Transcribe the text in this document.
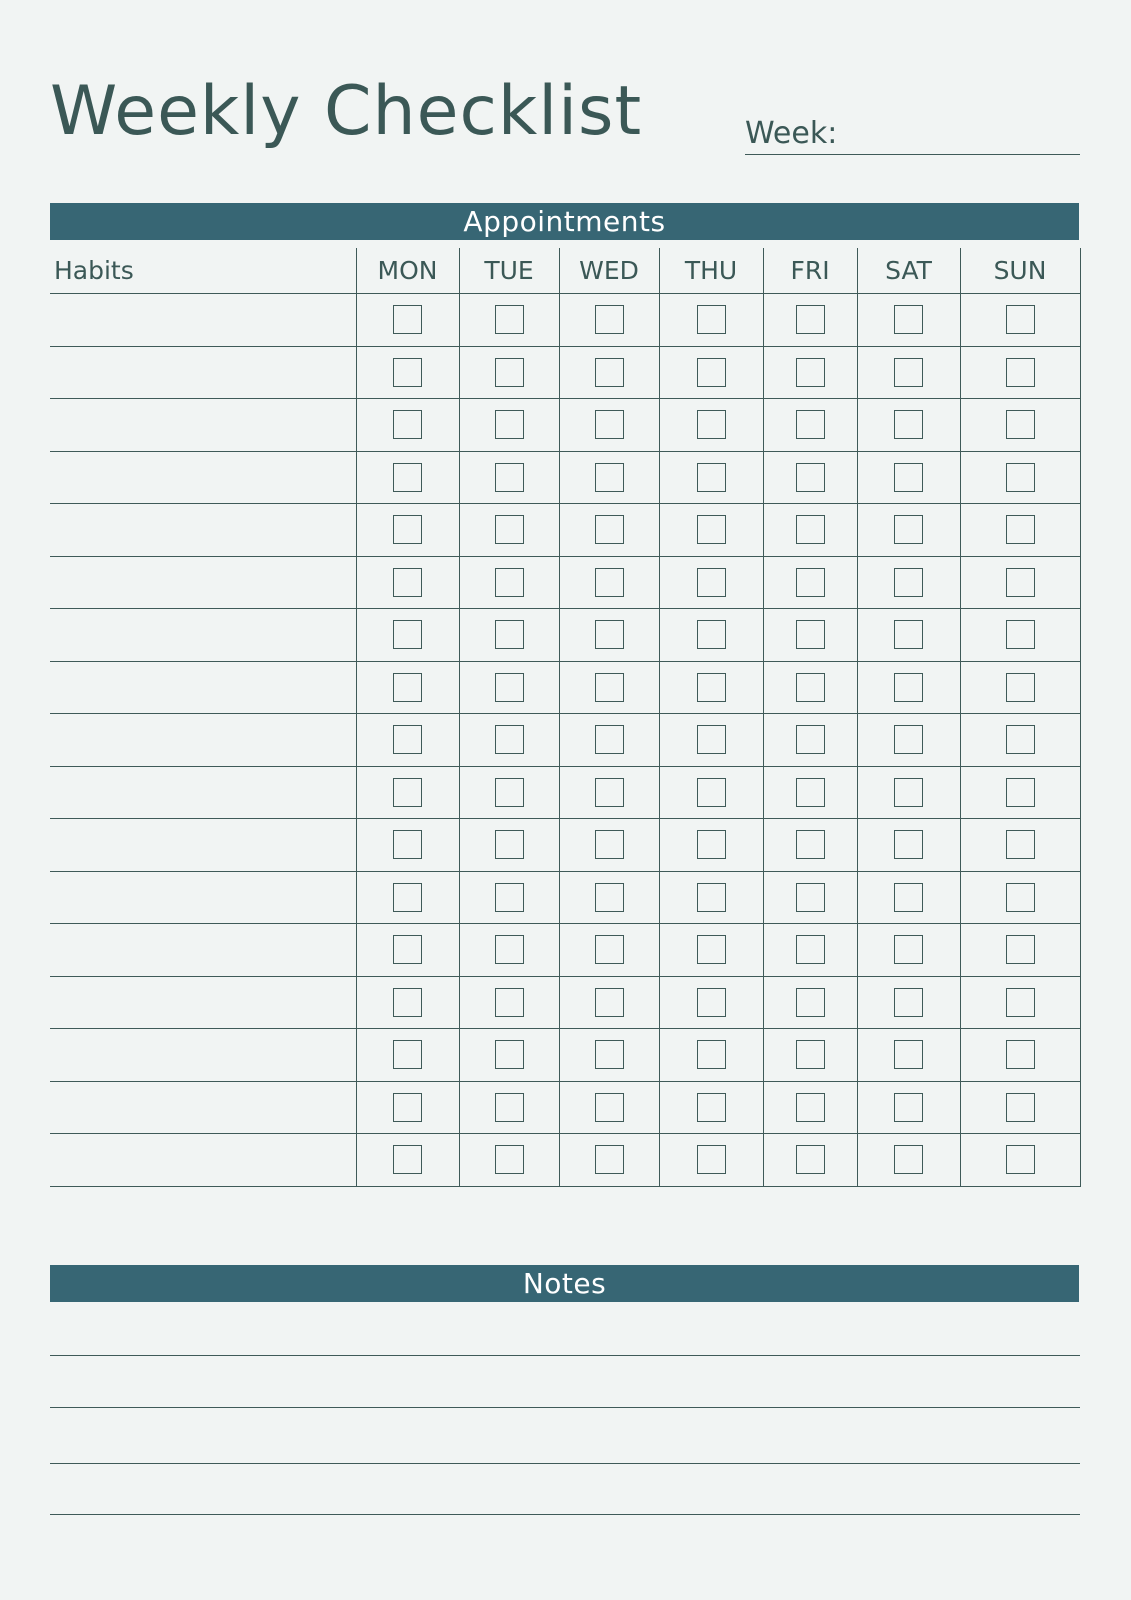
Weekly Checklist	Week:
Appointments
Habits	MON	TUE	WED	THU	FRI	SAT	SUN

Notes
